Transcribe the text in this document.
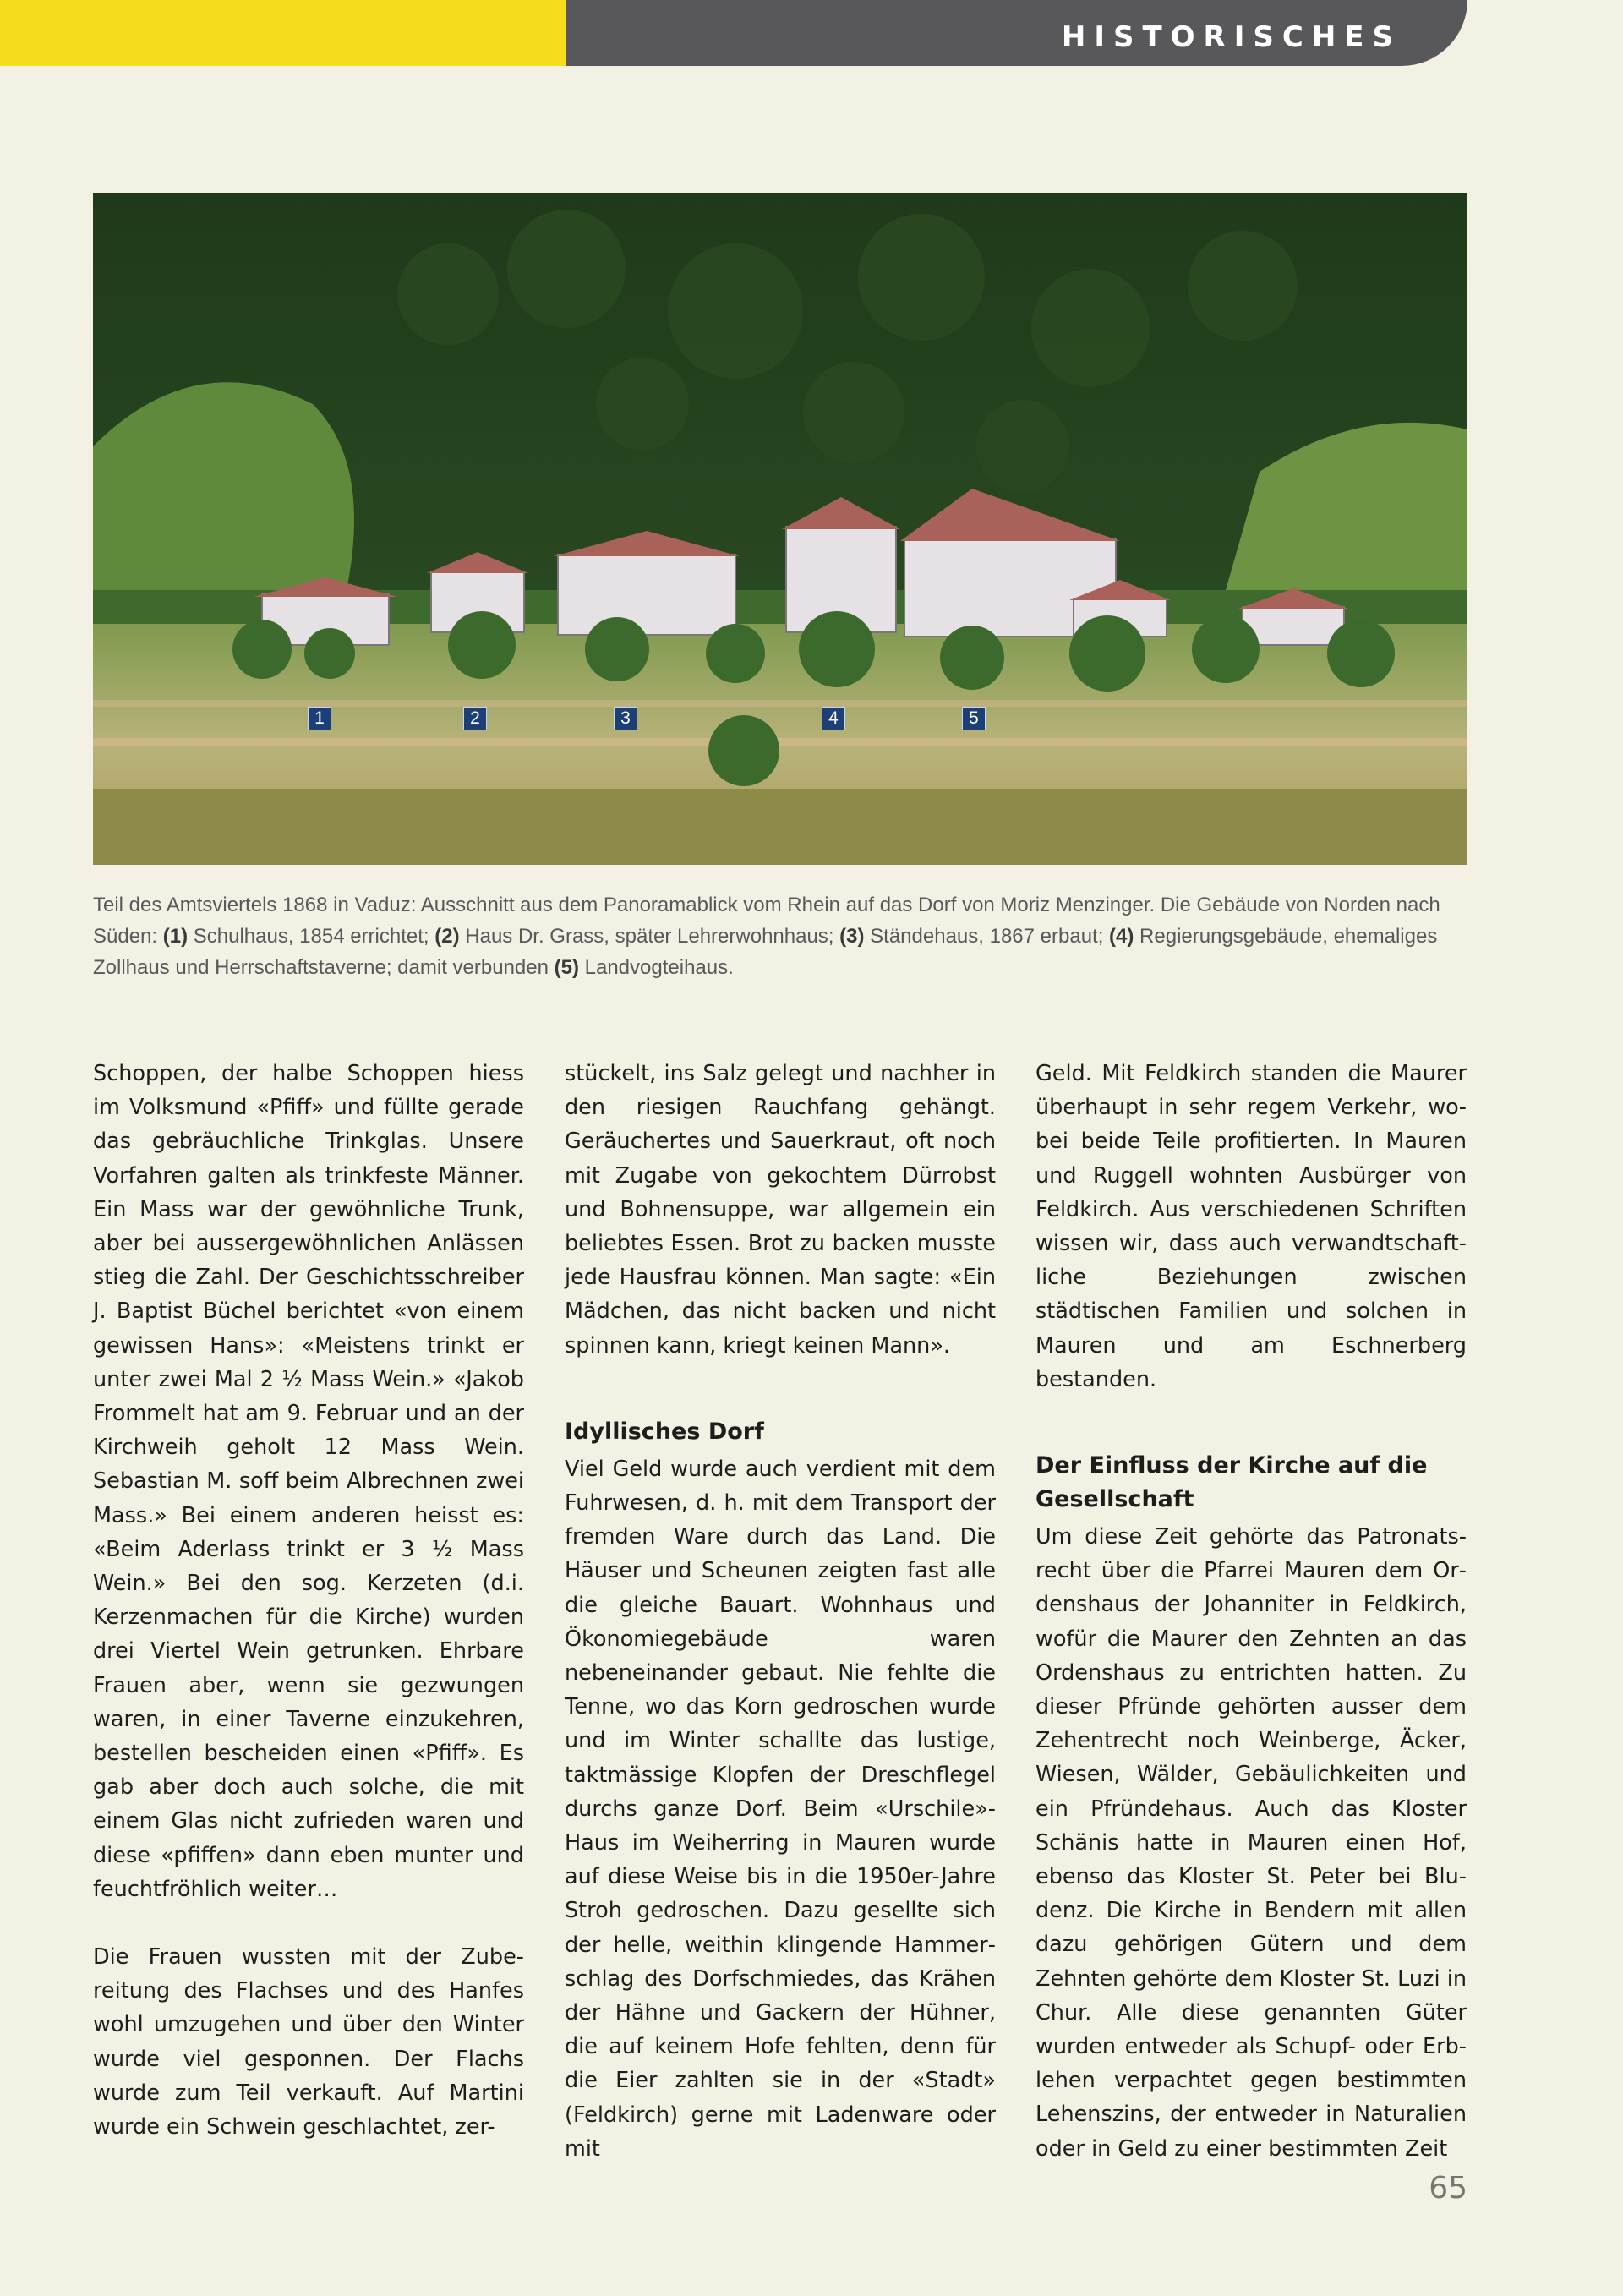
HISTORISCHES
1	2	3	4	5

Teil des Amtsviertels 1868 in Vaduz: Ausschnitt aus dem Panoramablick vom Rhein auf das Dorf von Moriz Menzinger. Die Gebäude von Norden nach Süden: (1) Schulhaus, 1854 errichtet; (2) Haus Dr. Grass, später Lehrerwohnhaus; (3) Ständehaus, 1867 erbaut; (4) Regierungsgebäude, ehemaliges Zollhaus und Herrschaftstaverne; damit verbunden (5) Landvogteihaus.

Schoppen, der halbe Schoppen hiess im Volksmund «Pfiff» und füllte gerade das gebräuchliche Trinkglas. Unsere Vorfahren galten als trinkfeste Männer. Ein Mass war der gewöhnliche Trunk, aber bei aussergewöhnlichen Anlässen stieg die Zahl. Der Geschichtsschreiber J. Baptist Büchel berichtet «von einem gewissen Hans»: «Meistens trinkt er unter zwei Mal 2 ½ Mass Wein.» «Jakob Frommelt hat am 9. Februar und an der Kirchweih geholt 12 Mass Wein. Sebastian M. soff beim Albrechnen zwei Mass.» Bei einem anderen heisst es: «Beim Aderlass trinkt er 3 ½ Mass Wein.» Bei den sog. Kerzeten (d.i. Kerzenmachen für die Kirche) wurden drei Viertel Wein getrunken. Ehrbare Frauen aber, wenn sie gezwungen waren, in einer Taverne einzukehren, bestellen bescheiden einen «Pfiff». Es gab aber doch auch solche, die mit einem Glas nicht zufrieden waren und diese «pfiffen» dann eben munter und feuchtfröhlich weiter…

Die Frauen wussten mit der Zubereitung des Flachses und des Hanfes wohl umzugehen und über den Winter wurde viel gesponnen. Der Flachs wurde zum Teil verkauft. Auf Martini wurde ein Schwein geschlachtet, zer-

stückelt, ins Salz gelegt und nachher in den riesigen Rauchfang gehängt. Geräuchertes und Sauerkraut, oft noch mit Zugabe von gekochtem Dürrobst und Bohnensuppe, war allgemein ein beliebtes Essen. Brot zu backen musste jede Hausfrau können. Man sagte: «Ein Mädchen, das nicht backen und nicht spinnen kann, kriegt keinen Mann».

Idyllisches Dorf

Viel Geld wurde auch verdient mit dem Fuhrwesen, d. h. mit dem Transport der fremden Ware durch das Land. Die Häuser und Scheunen zeigten fast alle die gleiche Bauart. Wohnhaus und Ökonomiegebäude waren nebeneinander gebaut. Nie fehlte die Tenne, wo das Korn gedroschen wurde und im Winter schallte das lustige, taktmässige Klopfen der Dreschflegel durchs ganze Dorf. Beim «Urschile»-Haus im Weiherring in Mauren wurde auf diese Weise bis in die 1950er-Jahre Stroh gedroschen. Dazu gesellte sich der helle, weithin klingende Hammerschlag des Dorfschmiedes, das Krähen der Hähne und Gackern der Hühner, die auf keinem Hofe fehlten, denn für die Eier zahlten sie in der «Stadt» (Feldkirch) gerne mit Ladenware oder mit

Geld. Mit Feldkirch standen die Maurer überhaupt in sehr regem Verkehr, wobei beide Teile profitierten. In Mauren und Ruggell wohnten Ausbürger von Feldkirch. Aus verschiedenen Schriften wissen wir, dass auch verwandtschaftliche Beziehungen zwischen städtischen Familien und solchen in Mauren und am Eschnerberg bestanden.

Der Einfluss der Kirche auf die Gesellschaft

Um diese Zeit gehörte das Patronatsrecht über die Pfarrei Mauren dem Ordenshaus der Johanniter in Feldkirch, wofür die Maurer den Zehnten an das Ordenshaus zu entrichten hatten. Zu dieser Pfründe gehörten ausser dem Zehentrecht noch Weinberge, Äcker, Wiesen, Wälder, Gebäulichkeiten und ein Pfründehaus. Auch das Kloster Schänis hatte in Mauren einen Hof, ebenso das Kloster St. Peter bei Bludenz. Die Kirche in Bendern mit allen dazu gehörigen Gütern und dem Zehnten gehörte dem Kloster St. Luzi in Chur. Alle diese genannten Güter wurden entweder als Schupf- oder Erblehen verpachtet gegen bestimmten Lehenszins, der entweder in Naturalien oder in Geld zu einer bestimmten Zeit

65
